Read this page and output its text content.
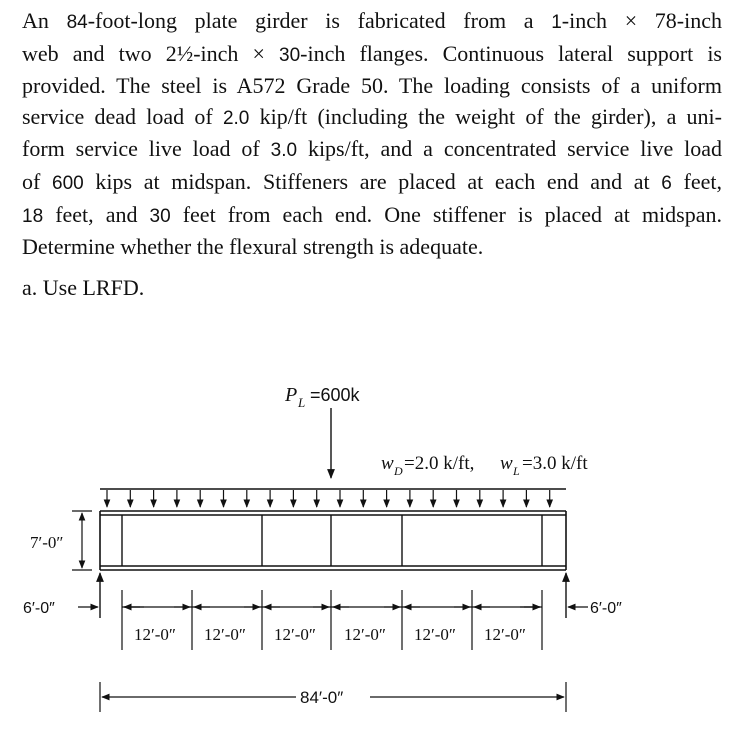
An 84-foot-long plate girder is fabricated from a 1-inch × 78-inch
web and two 2½-inch × 30-inch flanges. Continuous lateral support is
provided. The steel is A572 Grade 50. The loading consists of a uniform
service dead load of 2.0 kip/ft (including the weight of the girder), a uni-
form service live load of 3.0 kips/ft, and a concentrated service live load
of 600 kips at midspan. Stiffeners are placed at each end and at 6 feet,
18 feet, and 30 feet from each end. One stiffener is placed at midspan.
Determine whether the flexural strength is adequate.
a. Use LRFD.
P L =600k
w D =2.0 k/ft, w L =3.0 k/ft
7′-0″
6′-0″	6′-0″
12′-0″ 12′-0″ 12′-0″ 12′-0″ 12′-0″ 12′-0″
84′-0″
